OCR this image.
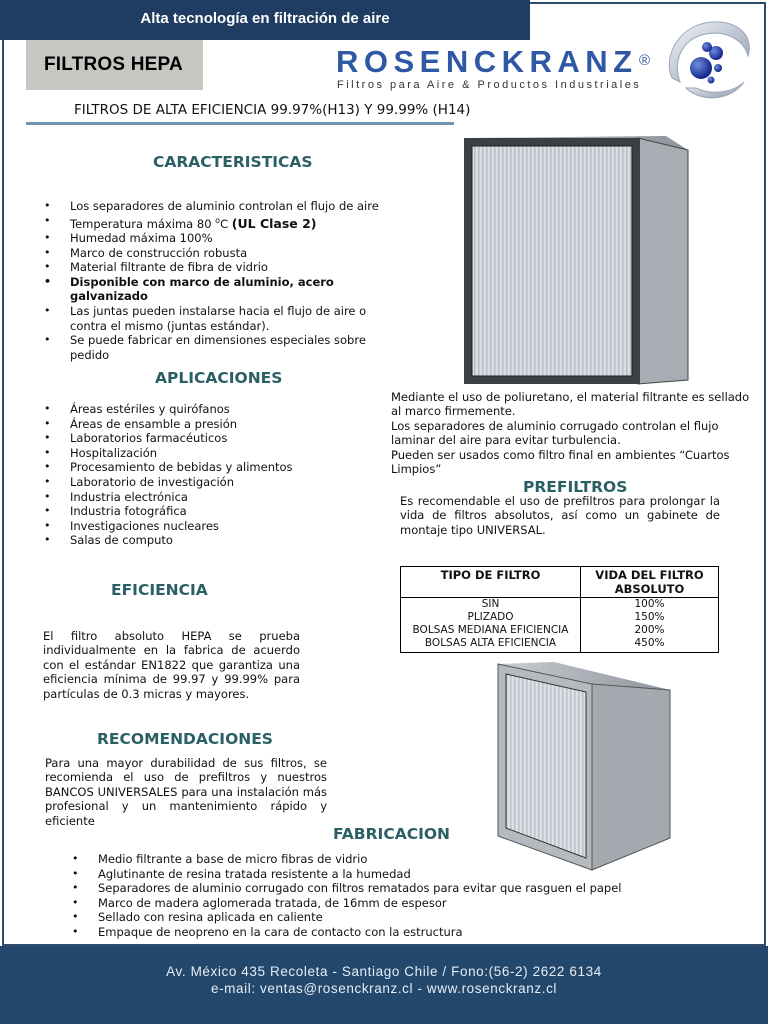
Alta tecnología en filtración de aire
FILTROS HEPA	ROSENCKRANZ ®
Filtros para Aire & Productos Industriales
FILTROS DE ALTA EFICIENCIA 99.97%(H13) Y 99.99% (H14)
CARACTERISTICAS
• Los separadores de aluminio controlan el flujo de aire
• Temperatura máxima 80 $^o$C (UL Clase 2)
• Humedad máxima 100%
• Marco de construcción robusta
• Material filtrante de fibra de vidrio
• Disponible con marco de aluminio, acero galvanizado
• Las juntas pueden instalarse hacia el flujo de aire o contra el mismo (juntas estándar).
• Se puede fabricar en dimensiones especiales sobre pedido
APLICACIONES
• Áreas estériles y quirófanos
• Áreas de ensamble a presión
• Laboratorios farmacéuticos
• Hospitalización
• Procesamiento de bebidas y alimentos
• Laboratorio de investigación
• Industria electrónica
• Industria fotográfica
• Investigaciones nucleares
• Salas de computo
Mediante el uso de poliuretano, el material filtrante es sellado al marco firmemente.
Los separadores de aluminio corrugado controlan el flujo laminar del aire para evitar turbulencia.
Pueden ser usados como filtro final en ambientes “Cuartos Limpios”
PREFILTROS
Es recomendable el uso de prefiltros para prolongar la vida de filtros absolutos, así como un gabinete de montaje tipo UNIVERSAL.
TIPO DE FILTRO	VIDA DEL FILTRO ABSOLUTO
SIN	100%
PLIZADO	150%
BOLSAS MEDIANA EFICIENCIA	200%
BOLSAS ALTA EFICIENCIA	450%
EFICIENCIA
El filtro absoluto HEPA se prueba individualmente en la fabrica de acuerdo con el estándar EN1822 que garantiza una eficiencia mínima de 99.97 y 99.99% para partículas de 0.3 micras y mayores.
RECOMENDACIONES
Para una mayor durabilidad de sus filtros, se recomienda el uso de prefiltros y nuestros BANCOS UNIVERSALES para una instalación más profesional y un mantenimiento rápido y eficiente
FABRICACION
• Medio filtrante a base de micro fibras de vidrio
• Aglutinante de resina tratada resistente a la humedad
• Separadores de aluminio corrugado con filtros rematados para evitar que rasguen el papel
• Marco de madera aglomerada tratada, de 16mm de espesor
• Sellado con resina aplicada en caliente
• Empaque de neopreno en la cara de contacto con la estructura
Av. México 435 Recoleta - Santiago Chile / Fono:(56-2) 2622 6134
e-mail: ventas@rosenckranz.cl - www.rosenckranz.cl
